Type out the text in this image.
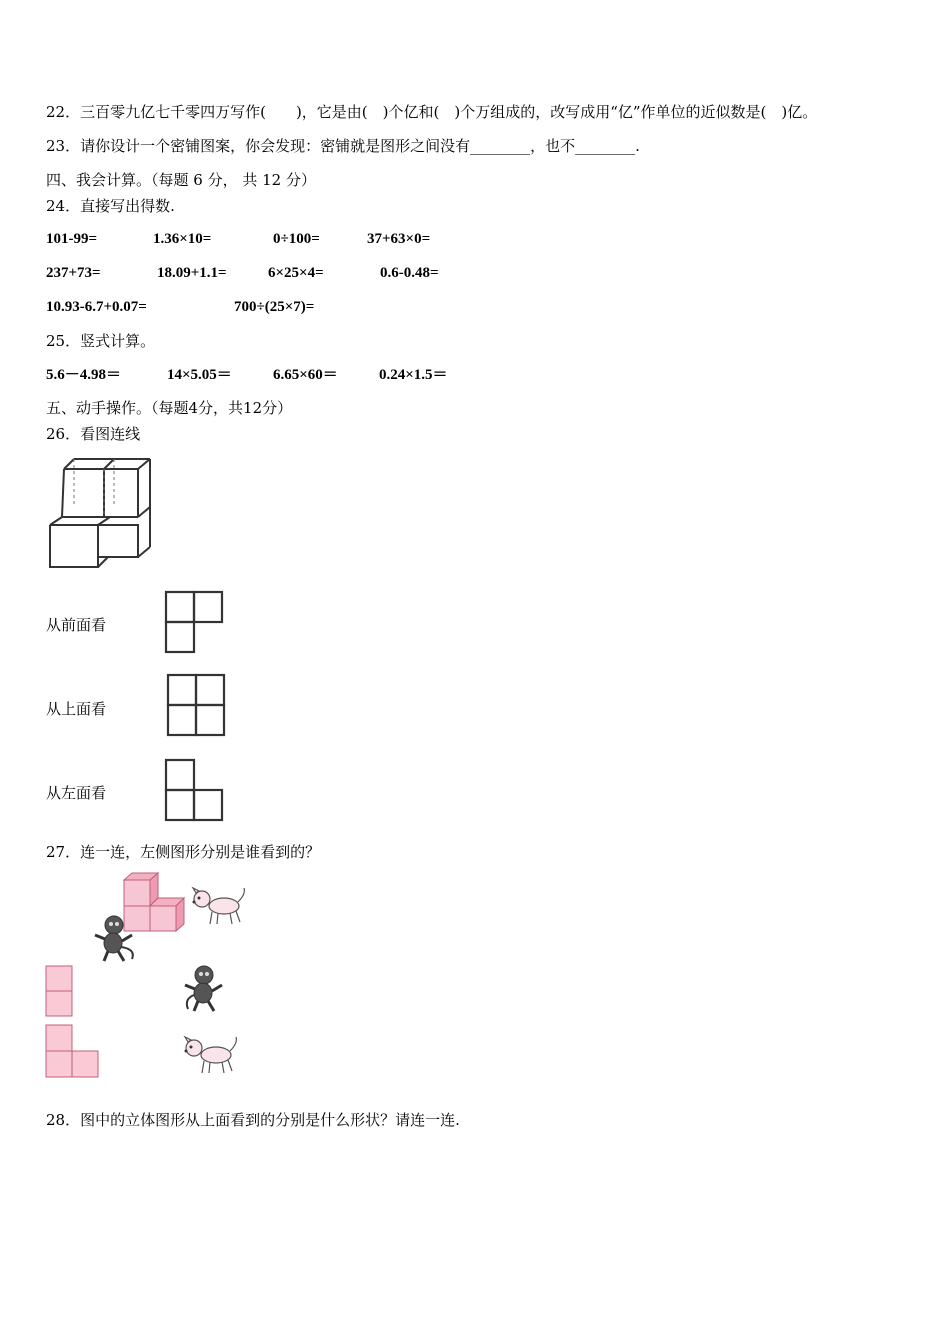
22．三百零九亿七千零四万写作(　　)，它是由(　)个亿和(　)个万组成的，改写成用“亿”作单位的近似数是(　)亿。
23．请你设计一个密铺图案，你会发现：密铺就是图形之间没有________，也不________.
四、我会计算。（每题 6 分， 共 12 分）
24．直接写出得数.
101-99=	1.36×10=	0÷100=	37+63×0=
237+73=	18.09+1.1=	6×25×4=	0.6-0.48=
10.93-6.7+0.07=	700÷(25×7)=
25．竖式计算。
5.6－4.98＝	14×5.05＝	6.65×60＝	0.24×1.5＝
五、动手操作。（每题4分，共12分）
26．看图连线
从前面看
从上面看
从左面看
27．连一连，左侧图形分别是谁看到的？
28．图中的立体图形从上面看到的分别是什么形状？请连一连.
